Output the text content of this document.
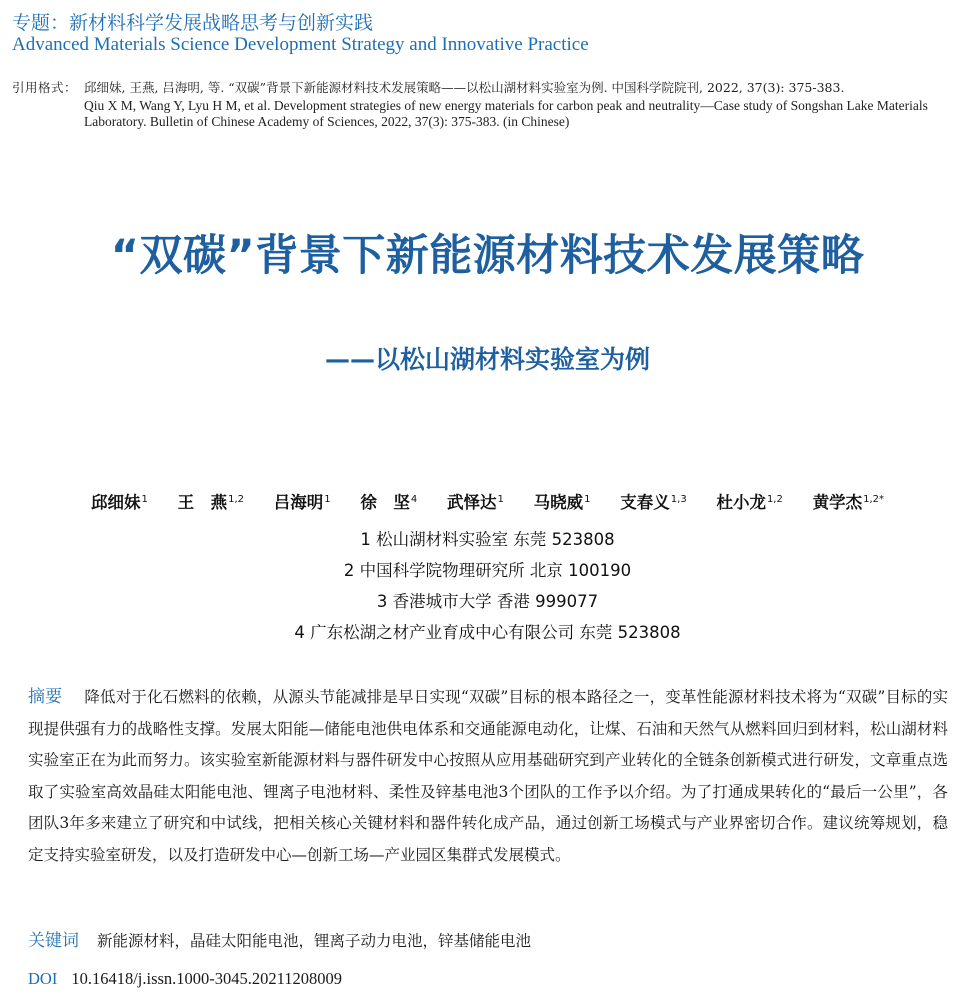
专题：新材料科学发展战略思考与创新实践
Advanced Materials Science Development Strategy and Innovative Practice
引用格式： 邱细妹, 王燕, 吕海明, 等. “双碳”背景下新能源材料技术发展策略——以松山湖材料实验室为例. 中国科学院院刊, 2022, 37(3): 375-383.
Qiu X M, Wang Y, Lyu H M, et al. Development strategies of new energy materials for carbon peak and neutrality—Case study of Songshan Lake Materials Laboratory. Bulletin of Chinese Academy of Sciences, 2022, 37(3): 375-383. (in Chinese)
“双碳”背景下新能源材料技术发展策略
——以松山湖材料实验室为例
邱细妹$^1$ 王　燕$^{1,2}$ 吕海明$^1$ 徐　坚$^4$ 武怿达$^1$ 马晓威$^1$ 支春义$^{1,3}$ 杜小龙$^{1,2}$ 黄学杰$^{1,2*}$
1 松山湖材料实验室 东莞 523808
2 中国科学院物理研究所 北京 100190
3 香港城市大学 香港 999077
4 广东松湖之材产业育成中心有限公司 东莞 523808
摘要 降低对于化石燃料的依赖，从源头节能减排是早日实现“双碳”目标的根本路径之一，变革性能源材料技术将为“双碳”目标的实现提供强有力的战略性支撑。发展太阳能—储能电池供电体系和交通能源电动化，让煤、石油和天然气从燃料回归到材料，松山湖材料实验室正在为此而努力。该实验室新能源材料与器件研发中心按照从应用基础研究到产业转化的全链条创新模式进行研发，文章重点选取了实验室高效晶硅太阳能电池、锂离子电池材料、柔性及锌基电池3个团队的工作予以介绍。为了打通成果转化的“最后一公里”，各团队3年多来建立了研究和中试线，把相关核心关键材料和器件转化成产品，通过创新工场模式与产业界密切合作。建议统筹规划，稳定支持实验室研发，以及打造研发中心—创新工场—产业园区集群式发展模式。
关键词 新能源材料，晶硅太阳能电池，锂离子动力电池，锌基储能电池
DOI 10.16418/j.issn.1000-3045.20211208009
